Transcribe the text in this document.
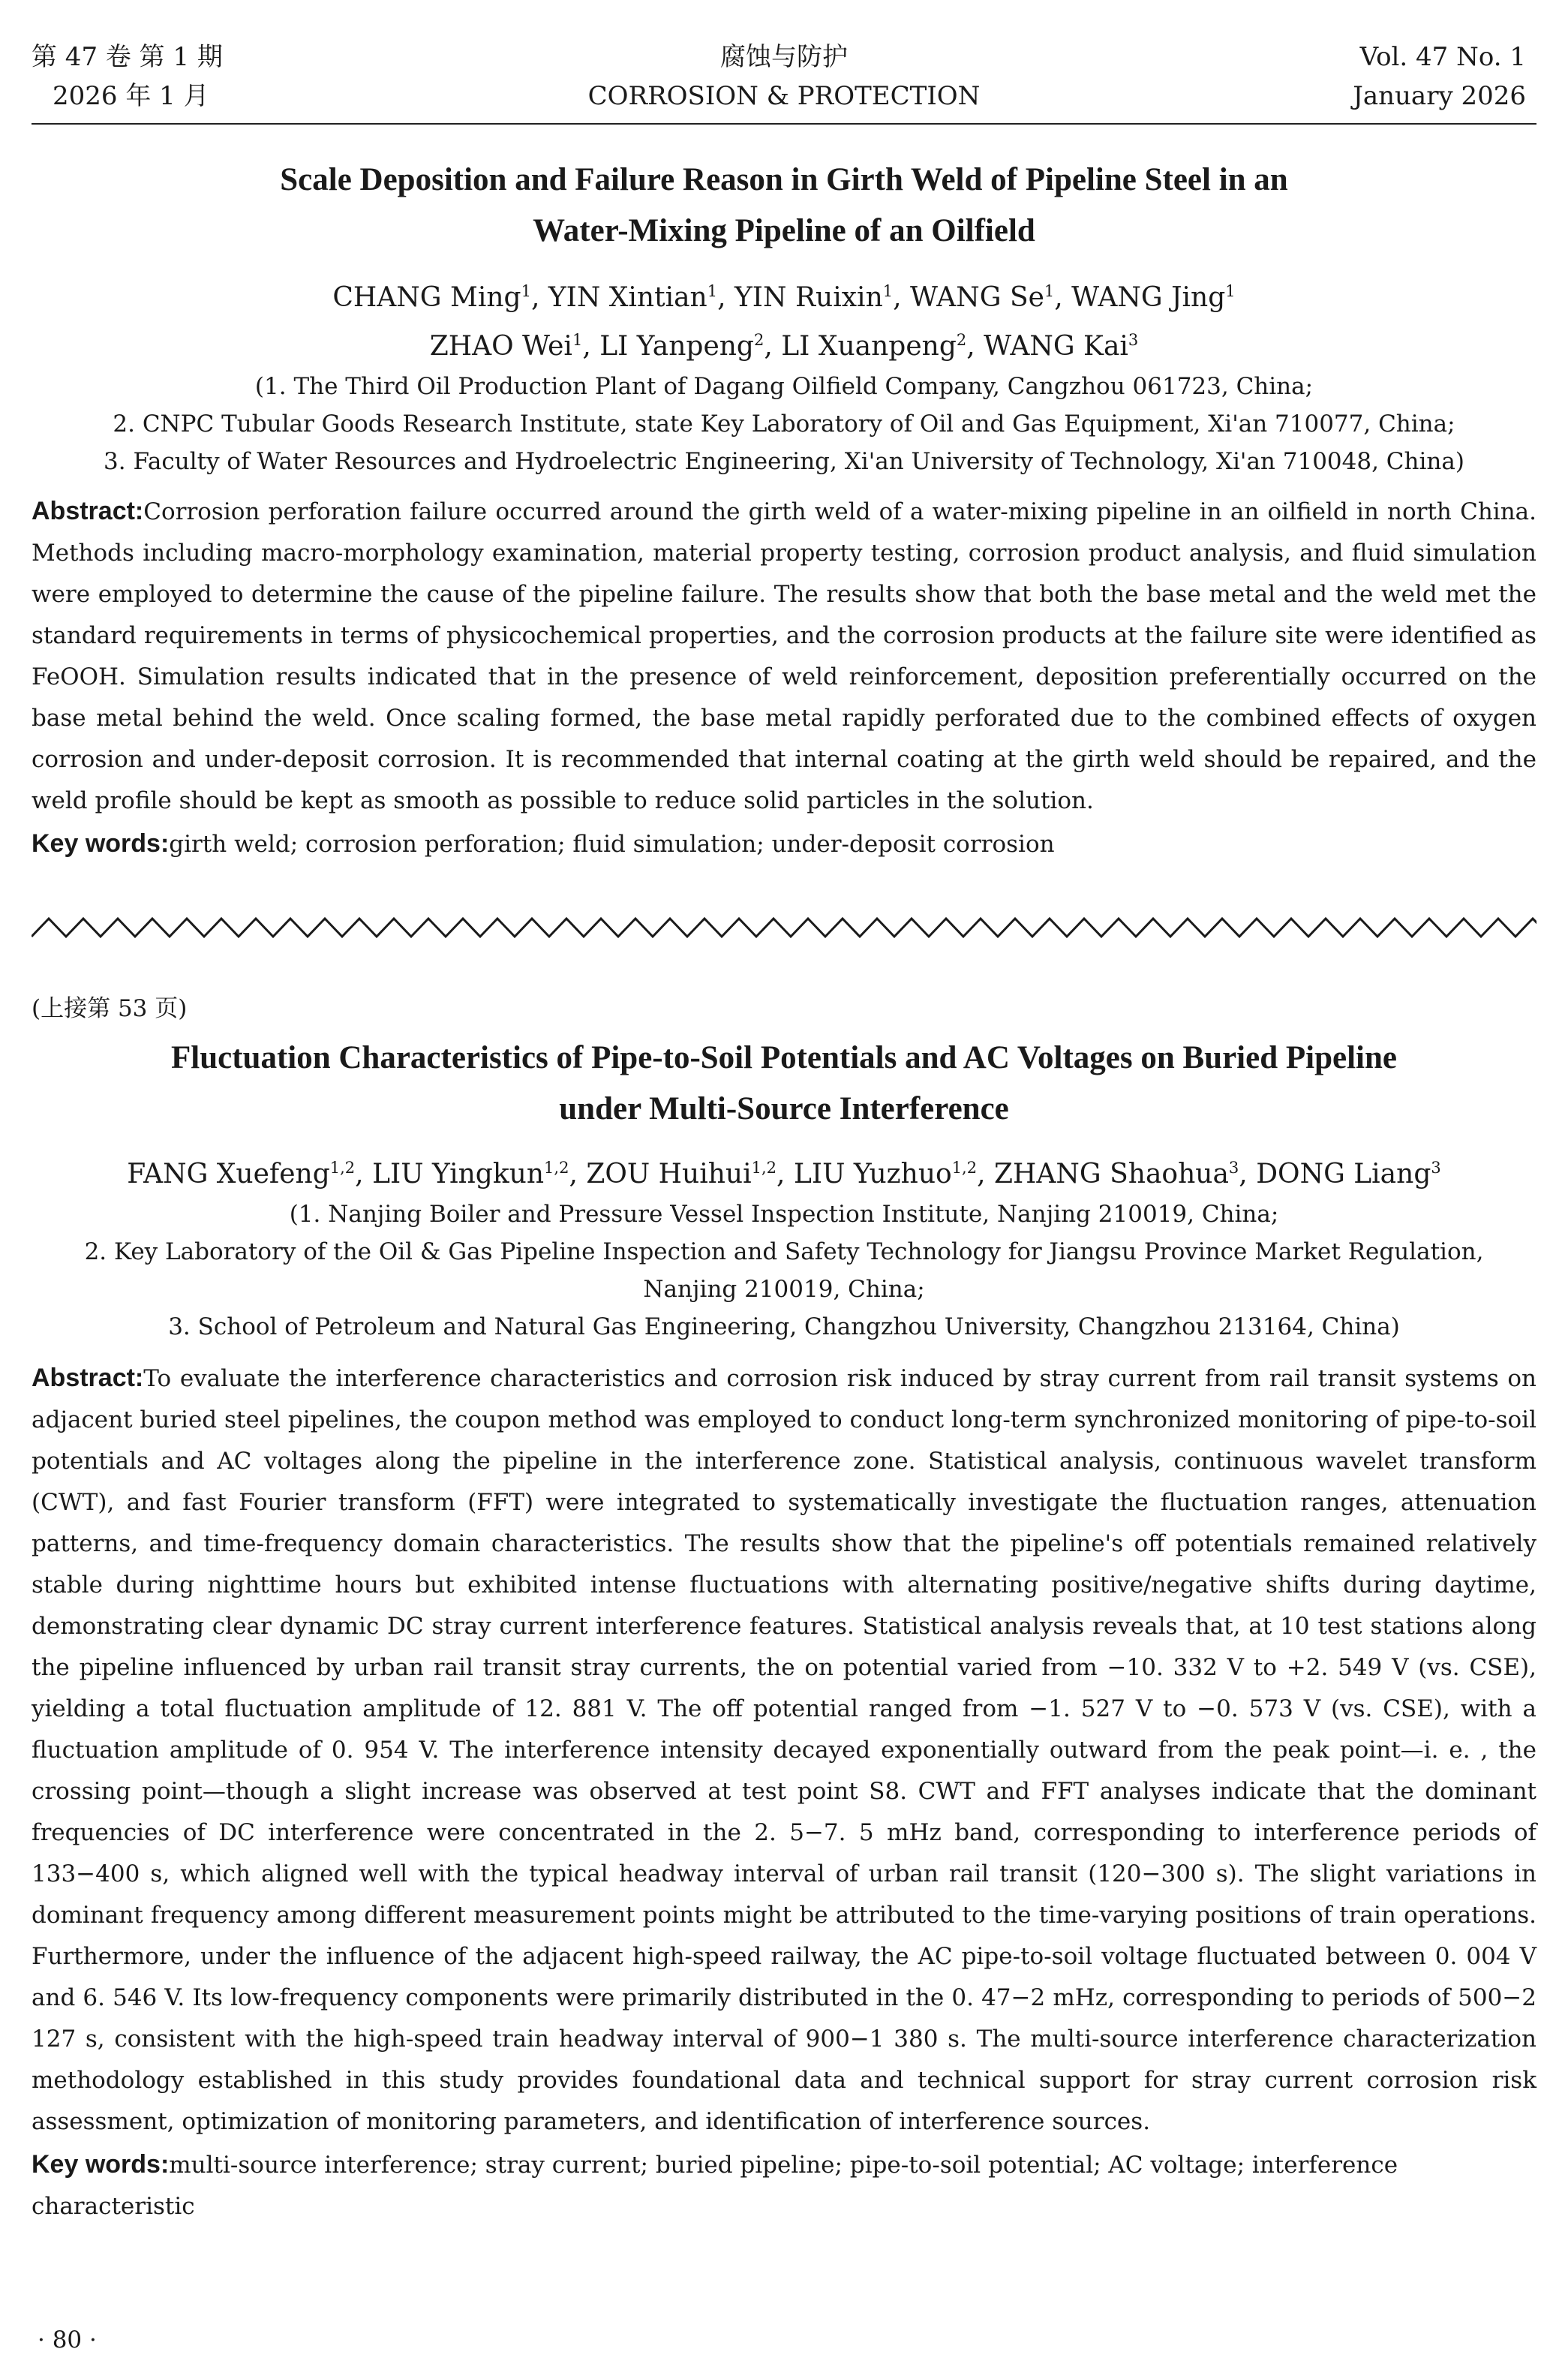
第 47 卷 第 1 期
2026 年 1 月
腐蚀与防护
CORROSION & PROTECTION
Vol. 47 No. 1
January 2026
Scale Deposition and Failure Reason in Girth Weld of Pipeline Steel in an
Water-Mixing Pipeline of an Oilfield
CHANG Ming$^1$, YIN Xintian$^1$, YIN Ruixin$^1$, WANG Se$^1$, WANG Jing$^1$
ZHAO Wei$^1$, LI Yanpeng$^2$, LI Xuanpeng$^2$, WANG Kai$^3$
(1. The Third Oil Production Plant of Dagang Oilfield Company, Cangzhou 061723, China;
2. CNPC Tubular Goods Research Institute, state Key Laboratory of Oil and Gas Equipment, Xi'an 710077, China;
3. Faculty of Water Resources and Hydroelectric Engineering, Xi'an University of Technology, Xi'an 710048, China)

Abstract:Corrosion perforation failure occurred around the girth weld of a water-mixing pipeline in an oilfield in north China. Methods including macro-morphology examination, material property testing, corrosion product analysis, and fluid simulation were employed to determine the cause of the pipeline failure. The results show that both the base metal and the weld met the standard requirements in terms of physicochemical properties, and the corrosion products at the failure site were identified as FeOOH. Simulation results indicated that in the presence of weld reinforcement, deposition preferentially occurred on the base metal behind the weld. Once scaling formed, the base metal rapidly perforated due to the combined effects of oxygen corrosion and under-deposit corrosion. It is recommended that internal coating at the girth weld should be repaired, and the weld profile should be kept as smooth as possible to reduce solid particles in the solution.

Key words:girth weld; corrosion perforation; fluid simulation; under-deposit corrosion

(上接第 53 页)

Fluctuation Characteristics of Pipe-to-Soil Potentials and AC Voltages on Buried Pipeline
under Multi-Source Interference
FANG Xuefeng$^{1,2}$, LIU Yingkun$^{1,2}$, ZOU Huihui$^{1,2}$, LIU Yuzhuo$^{1,2}$, ZHANG Shaohua$^3$, DONG Liang$^3$
(1. Nanjing Boiler and Pressure Vessel Inspection Institute, Nanjing 210019, China;
2. Key Laboratory of the Oil & Gas Pipeline Inspection and Safety Technology for Jiangsu Province Market Regulation,
Nanjing 210019, China;
3. School of Petroleum and Natural Gas Engineering, Changzhou University, Changzhou 213164, China)

Abstract:To evaluate the interference characteristics and corrosion risk induced by stray current from rail transit systems on adjacent buried steel pipelines, the coupon method was employed to conduct long-term synchronized monitoring of pipe-to-soil potentials and AC voltages along the pipeline in the interference zone. Statistical analysis, continuous wavelet transform (CWT), and fast Fourier transform (FFT) were integrated to systematically investigate the fluctuation ranges, attenuation patterns, and time-frequency domain characteristics. The results show that the pipeline's off potentials remained relatively stable during nighttime hours but exhibited intense fluctuations with alternating positive/negative shifts during daytime, demonstrating clear dynamic DC stray current interference features. Statistical analysis reveals that, at 10 test stations along the pipeline influenced by urban rail transit stray currents, the on potential varied from −10. 332 V to +2. 549 V (vs. CSE), yielding a total fluctuation amplitude of 12. 881 V. The off potential ranged from −1. 527 V to −0. 573 V (vs. CSE), with a fluctuation amplitude of 0. 954 V. The interference intensity decayed exponentially outward from the peak point—i. e. , the crossing point—though a slight increase was observed at test point S8. CWT and FFT analyses indicate that the dominant frequencies of DC interference were concentrated in the 2. 5−7. 5 mHz band, corresponding to interference periods of 133−400 s, which aligned well with the typical headway interval of urban rail transit (120−300 s). The slight variations in dominant frequency among different measurement points might be attributed to the time-varying positions of train operations. Furthermore, under the influence of the adjacent high-speed railway, the AC pipe-to-soil voltage fluctuated between 0. 004 V and 6. 546 V. Its low-frequency components were primarily distributed in the 0. 47−2 mHz, corresponding to periods of 500−2 127 s, consistent with the high-speed train headway interval of 900−1 380 s. The multi-source interference characterization methodology established in this study provides foundational data and technical support for stray current corrosion risk assessment, optimization of monitoring parameters, and identification of interference sources.

Key words:multi-source interference; stray current; buried pipeline; pipe-to-soil potential; AC voltage; interference characteristic

· 80 ·
